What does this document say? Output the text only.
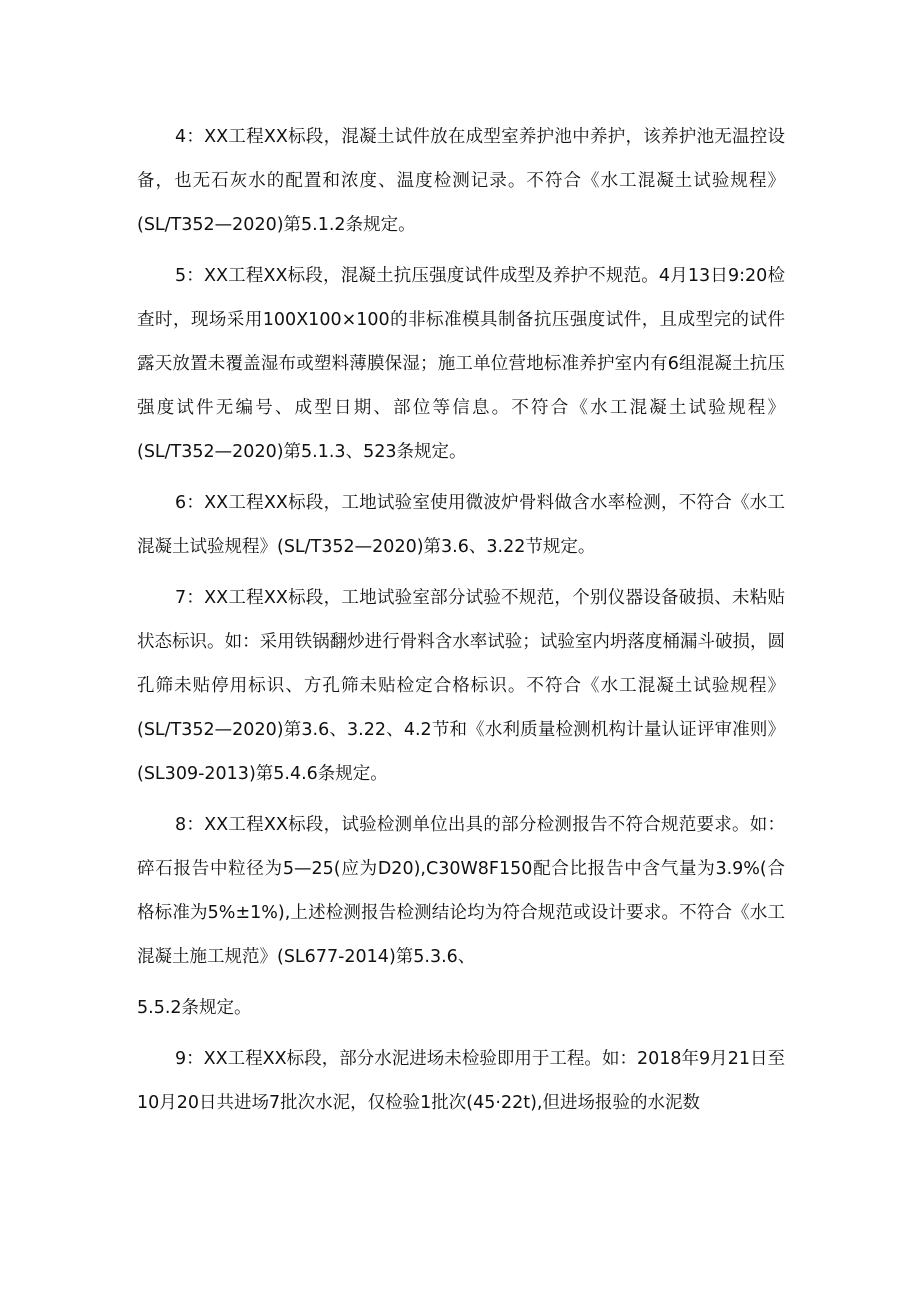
4：XX工程XX标段，混凝土试件放在成型室养护池中养护，该养护池无温控设备，也无石灰水的配置和浓度、温度检测记录。不符合《水工混凝土试验规程》(SL/T352—2020)第5.1.2条规定。

5：XX工程XX标段，混凝土抗压强度试件成型及养护不规范。4月13日9:20检查时，现场采用100X100×100的非标准模具制备抗压强度试件，且成型完的试件露天放置未覆盖湿布或塑料薄膜保湿；施工单位营地标准养护室内有6组混凝土抗压强度试件无编号、成型日期、部位等信息。不符合《水工混凝土试验规程》(SL/T352—2020)第5.1.3、523条规定。

6：XX工程XX标段，工地试验室使用微波炉骨料做含水率检测，不符合《水工混凝土试验规程》(SL/T352—2020)第3.6、3.22节规定。

7：XX工程XX标段，工地试验室部分试验不规范，个别仪器设备破损、未粘贴状态标识。如：采用铁锅翻炒进行骨料含水率试验；试验室内坍落度桶漏斗破损，圆孔筛未贴停用标识、方孔筛未贴检定合格标识。不符合《水工混凝土试验规程》(SL/T352—2020)第3.6、3.22、4.2节和《水利质量检测机构计量认证评审准则》(SL309-2013)第5.4.6条规定。

8：XX工程XX标段，试验检测单位出具的部分检测报告不符合规范要求。如：碎石报告中粒径为5—25(应为D20),C30W8F150配合比报告中含气量为3.9%(合格标准为5%±1%),上述检测报告检测结论均为符合规范或设计要求。不符合《水工混凝土施工规范》(SL677-2014)第5.3.6、

5.5.2条规定。

9：XX工程XX标段，部分水泥进场未检验即用于工程。如：2018年9月21日至10月20日共进场7批次水泥，仅检验1批次(45·22t),但进场报验的水泥数
